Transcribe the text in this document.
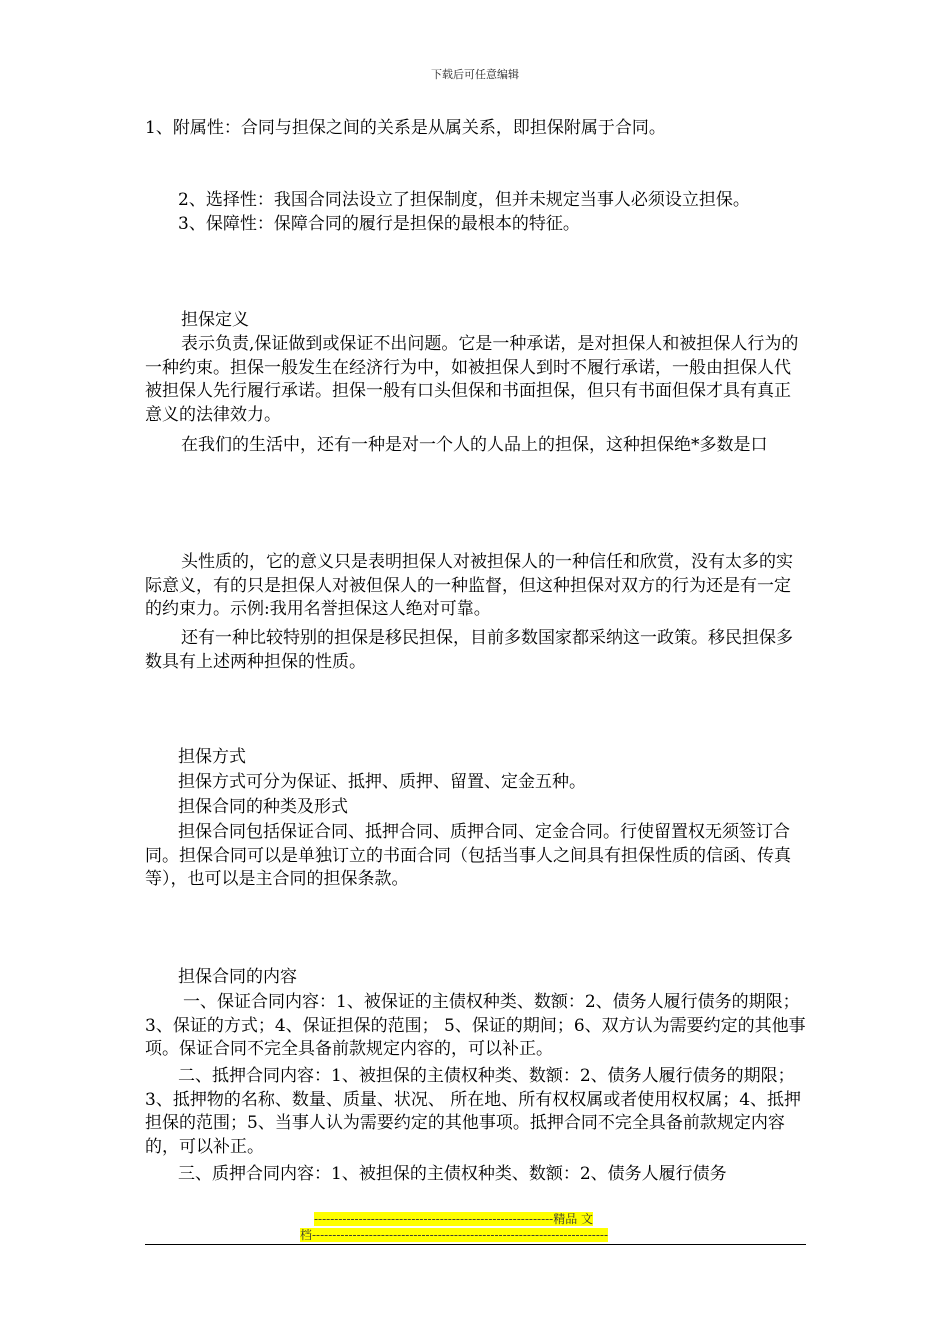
下载后可任意编辑

1、附属性：合同与担保之间的关系是从属关系，即担保附属于合同。

2、选择性：我国合同法设立了担保制度，但并未规定当事人必须设立担保。

3、保障性：保障合同的履行是担保的最根本的特征。

担保定义

表示负责,保证做到或保证不出问题。它是一种承诺，是对担保人和被担保人行为的一种约束。担保一般发生在经济行为中，如被担保人到时不履行承诺，一般由担保人代被担保人先行履行承诺。担保一般有口头但保和书面担保，但只有书面但保才具有真正意义的法律效力。

在我们的生活中，还有一种是对一个人的人品上的担保，这种担保绝*多数是口

头性质的，它的意义只是表明担保人对被担保人的一种信任和欣赏，没有太多的实际意义，有的只是担保人对被但保人的一种监督，但这种担保对双方的行为还是有一定的约束力。示例:我用名誉担保这人绝对可靠。

还有一种比较特别的担保是移民担保，目前多数国家都采纳这一政策。移民担保多数具有上述两种担保的性质。

担保方式

担保方式可分为保证、抵押、质押、留置、定金五种。

担保合同的种类及形式

担保合同包括保证合同、抵押合同、质押合同、定金合同。行使留置权无须签订合同。担保合同可以是单独订立的书面合同（包括当事人之间具有担保性质的信函、传真等），也可以是主合同的担保条款。

担保合同的内容

一、保证合同内容：1、被保证的主债权种类、数额：2、债务人履行债务的期限；3、保证的方式；4、保证担保的范围； 5、保证的期间；6、双方认为需要约定的其他事项。保证合同不完全具备前款规定内容的，可以补正。

二、抵押合同内容：1、被担保的主债权种类、数额：2、债务人履行债务的期限；3、抵押物的名称、数量、质量、状况、 所在地、所有权权属或者使用权权属；4、抵押担保的范围；5、当事人认为需要约定的其他事项。抵押合同不完全具备前款规定内容的，可以补正。

三、质押合同内容：1、被担保的主债权种类、数额：2、债务人履行债务

-----------------------------------------------------------精品 文
档-------------------------------------------------------------------------
